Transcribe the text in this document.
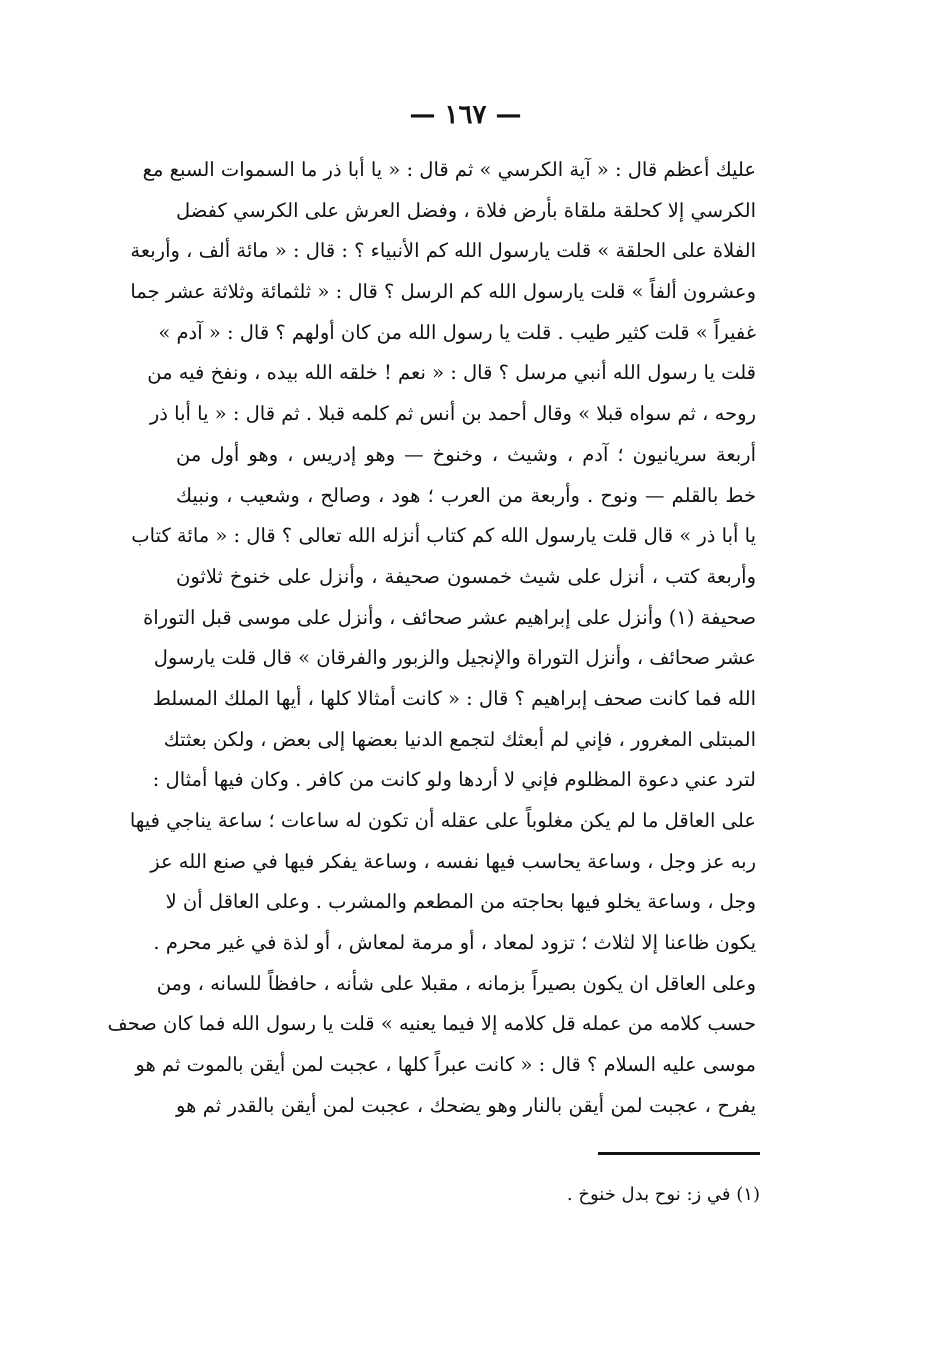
— ١٦٧ —
عليك أعظم قال : « آية الكرسي » ثم قال : « يا أبا ذر ما السموات السبع مع
الكرسي إلا كحلقة ملقاة بأرض فلاة ، وفضل العرش على الكرسي كفضل
الفلاة على الحلقة » قلت يارسول الله كم الأنبياء ؟ : قال : « مائة ألف ، وأربعة
وعشرون ألفاً » قلت يارسول الله كم الرسل ؟ قال : « ثلثمائة وثلاثة عشر جما
غفيراً » قلت كثير طيب . قلت يا رسول الله من كان أولهم ؟ قال : « آدم »
قلت يا رسول الله أنبي مرسل ؟ قال : « نعم ! خلقه الله بيده ، ونفخ فيه من
روحه ، ثم سواه قبلا » وقال أحمد بن أنس ثم كلمه قبلا . ثم قال : « يا أبا ذر
أربعة سريانيون ؛ آدم ، وشيث ، وخنوخ — وهو إدريس ، وهو أول من
خط بالقلم — ونوح . وأربعة من العرب ؛ هود ، وصالح ، وشعيب ، ونبيك
يا أبا ذر » قال قلت يارسول الله كم كتاب أنزله الله تعالى ؟ قال : « مائة كتاب
وأربعة كتب ، أنزل على شيث خمسون صحيفة ، وأنزل على خنوخ ثلاثون
صحيفة (١) وأنزل على إبراهيم عشر صحائف ، وأنزل على موسى قبل التوراة
عشر صحائف ، وأنزل التوراة والإنجيل والزبور والفرقان » قال قلت يارسول
الله فما كانت صحف إبراهيم ؟ قال : « كانت أمثالا كلها ، أيها الملك المسلط
المبتلى المغرور ، فإني لم أبعثك لتجمع الدنيا بعضها إلى بعض ، ولكن بعثتك
لترد عني دعوة المظلوم فإني لا أردها ولو كانت من كافر . وكان فيها أمثال :
على العاقل ما لم يكن مغلوباً على عقله أن تكون له ساعات ؛ ساعة يناجي فيها
ربه عز وجل ، وساعة يحاسب فيها نفسه ، وساعة يفكر فيها في صنع الله عز
وجل ، وساعة يخلو فيها بحاجته من المطعم والمشرب . وعلى العاقل أن لا
يكون ظاعنا إلا لثلاث ؛ تزود لمعاد ، أو مرمة لمعاش ، أو لذة في غير محرم .
وعلى العاقل ان يكون بصيراً بزمانه ، مقبلا على شأنه ، حافظاً للسانه ، ومن
حسب كلامه من عمله قل كلامه إلا فيما يعنيه » قلت يا رسول الله فما كان صحف
موسى عليه السلام ؟ قال : « كانت عبراً كلها ، عجبت لمن أيقن بالموت ثم هو
يفرح ، عجبت لمن أيقن بالنار وهو يضحك ، عجبت لمن أيقن بالقدر ثم هو
(١) في ز: نوح بدل خنوخ .
